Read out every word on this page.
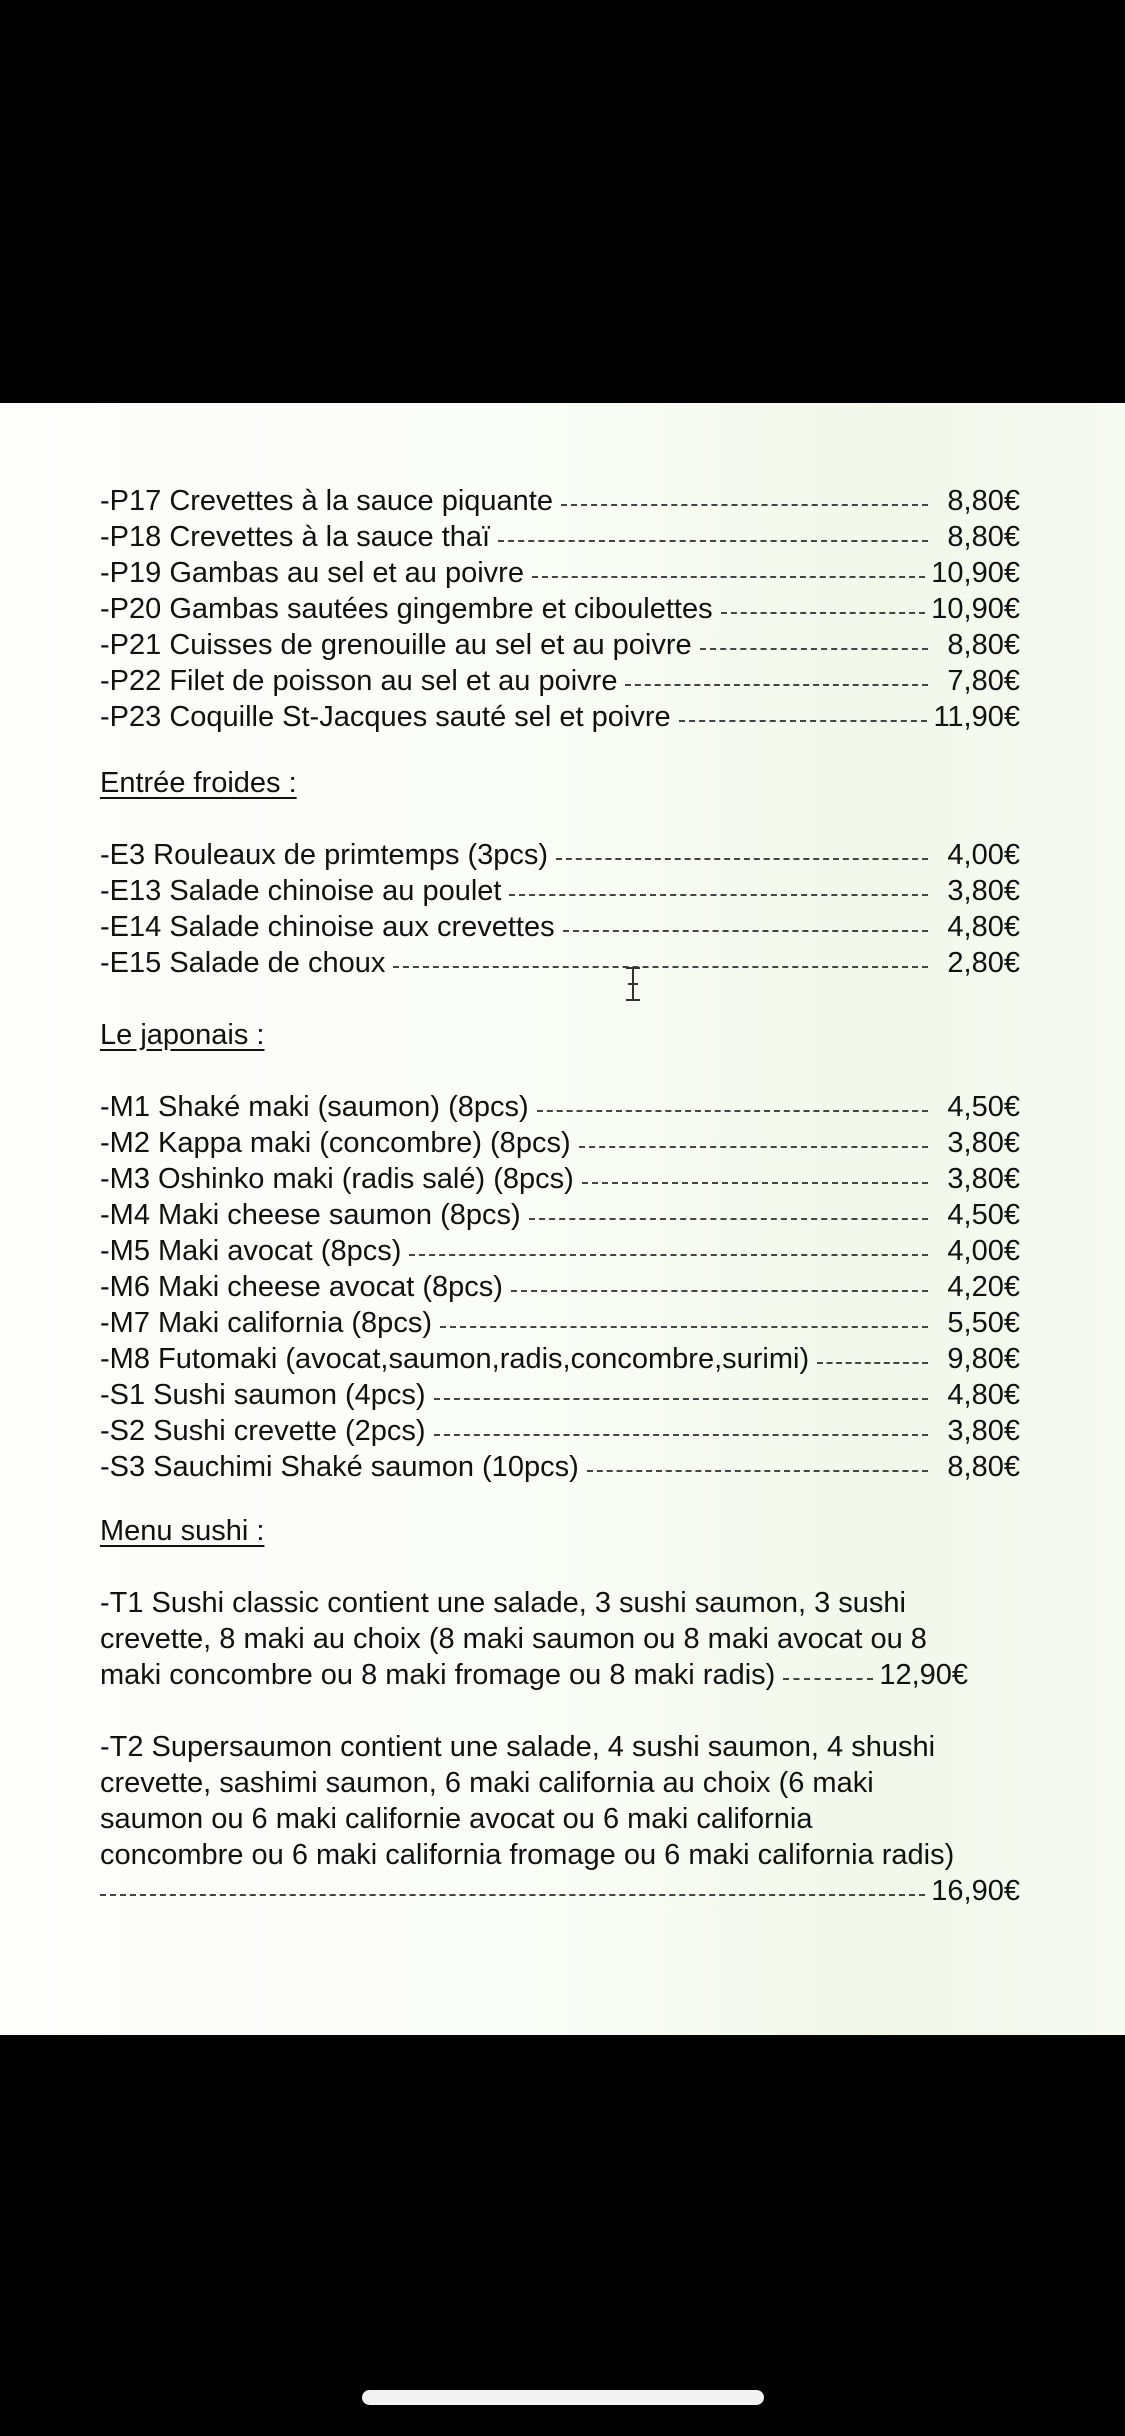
-P17 Crevettes à la sauce piquante	8,80€
-P18 Crevettes à la sauce thaï	8,80€
-P19 Gambas au sel et au poivre	10,90€
-P20 Gambas sautées gingembre et ciboulettes	10,90€
-P21 Cuisses de grenouille au sel et au poivre	8,80€
-P22 Filet de poisson au sel et au poivre	7,80€
-P23 Coquille St-Jacques sauté sel et poivre	11,90€
Entrée froides :
-E3 Rouleaux de primtemps (3pcs)	4,00€
-E13 Salade chinoise au poulet	3,80€
-E14 Salade chinoise aux crevettes	4,80€
-E15 Salade de choux	2,80€
Le japonais :
-M1 Shaké maki (saumon) (8pcs)	4,50€
-M2 Kappa maki (concombre) (8pcs)	3,80€
-M3 Oshinko maki (radis salé) (8pcs)	3,80€
-M4 Maki cheese saumon (8pcs)	4,50€
-M5 Maki avocat (8pcs)	4,00€
-M6 Maki cheese avocat (8pcs)	4,20€
-M7 Maki california (8pcs)	5,50€
-M8 Futomaki (avocat,saumon,radis,concombre,surimi)	9,80€
-S1 Sushi saumon (4pcs)	4,80€
-S2 Sushi crevette (2pcs)	3,80€
-S3 Sauchimi Shaké saumon (10pcs)	8,80€
Menu sushi :
-T1 Sushi classic contient une salade, 3 sushi saumon, 3 sushi
crevette, 8 maki au choix (8 maki saumon ou 8 maki avocat ou 8
maki concombre ou 8 maki fromage ou 8 maki radis)	12,90€
-T2 Supersaumon contient une salade, 4 sushi saumon, 4 shushi
crevette, sashimi saumon, 6 maki california au choix (6 maki
saumon ou 6 maki californie avocat ou 6 maki california
concombre ou 6 maki california fromage ou 6 maki california radis)
16,90€
